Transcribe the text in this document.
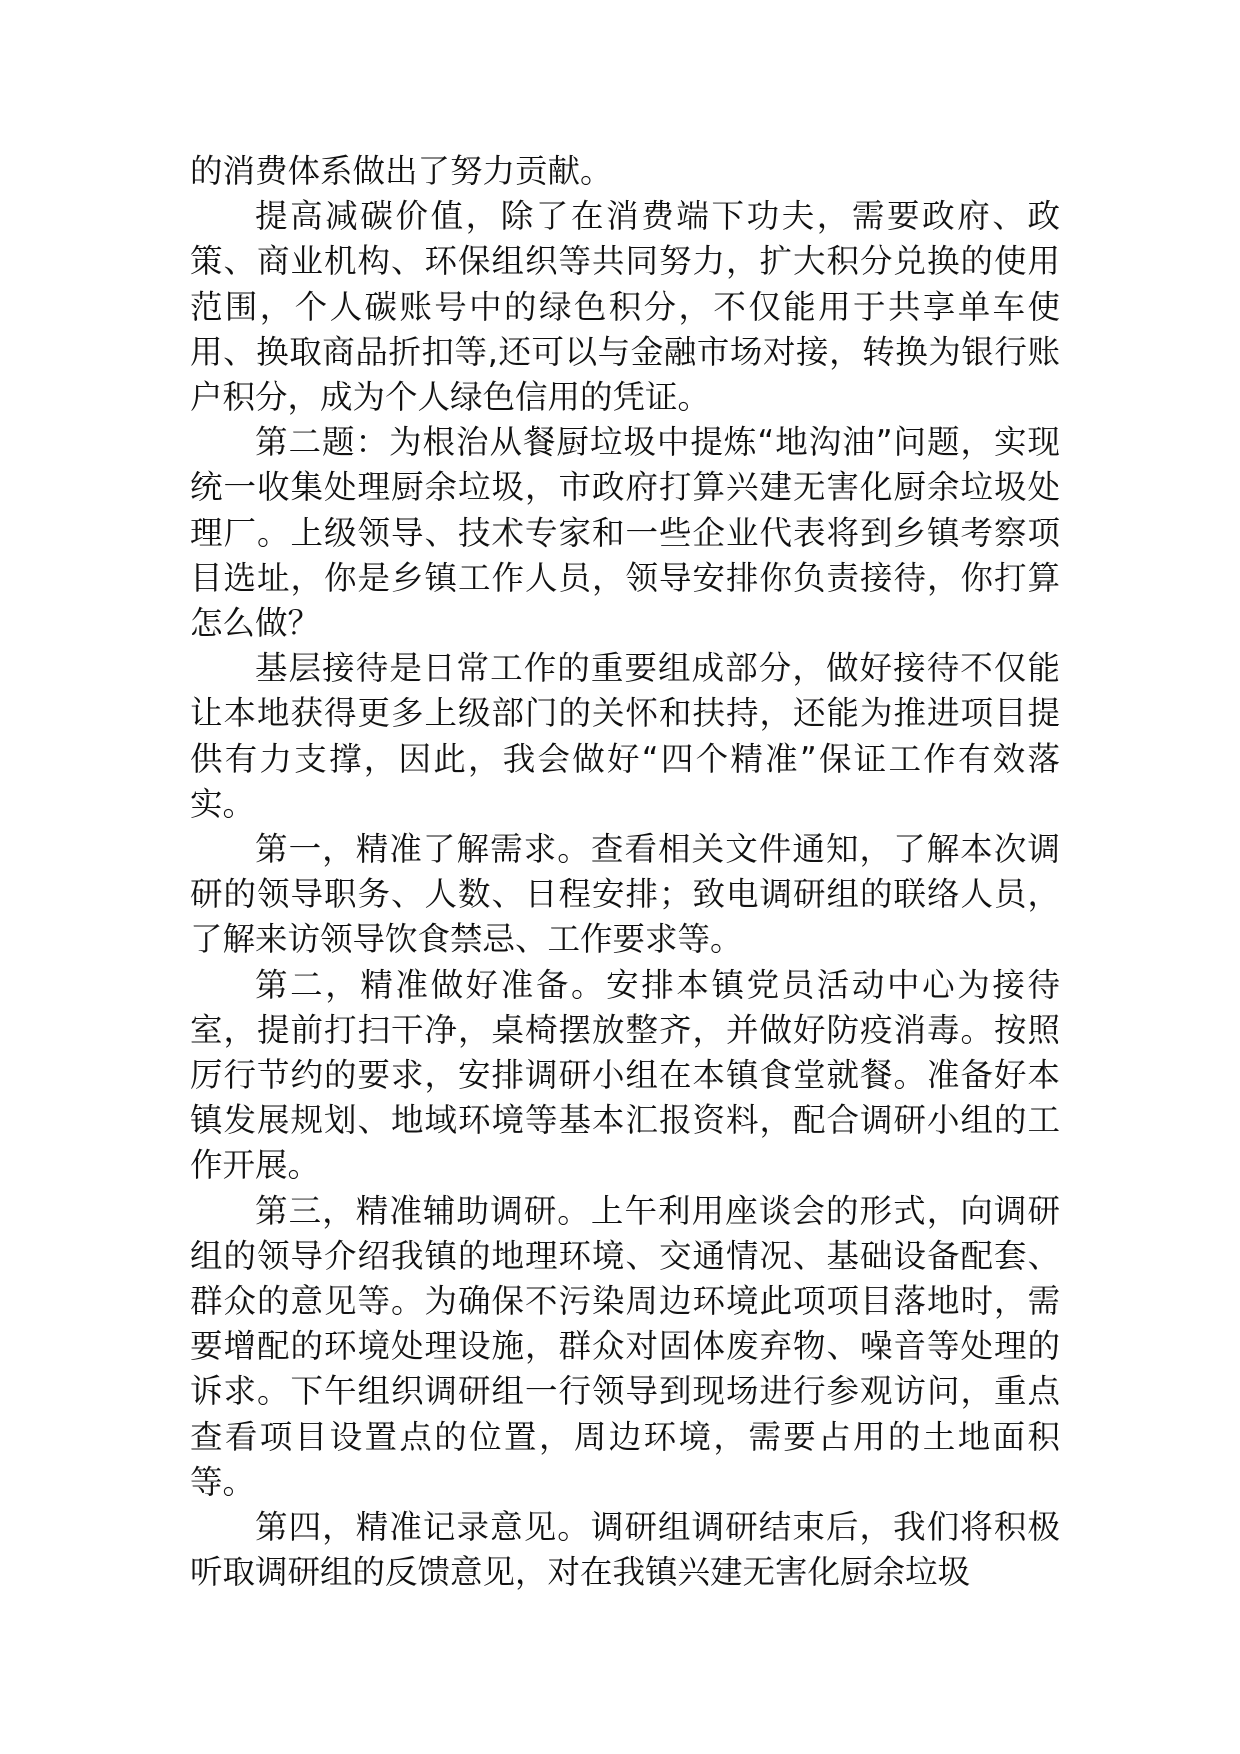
的消费体系做出了努力贡献。

提高减碳价值，除了在消费端下功夫，需要政府、政策、商业机构、环保组织等共同努力，扩大积分兑换的使用范围，个人碳账号中的绿色积分，不仅能用于共享单车使用、换取商品折扣等,还可以与金融市场对接，转换为银行账户积分，成为个人绿色信用的凭证。

第二题：为根治从餐厨垃圾中提炼“地沟油”问题，实现统一收集处理厨余垃圾，市政府打算兴建无害化厨余垃圾处理厂。上级领导、技术专家和一些企业代表将到乡镇考察项目选址，你是乡镇工作人员，领导安排你负责接待，你打算怎么做？

基层接待是日常工作的重要组成部分，做好接待不仅能让本地获得更多上级部门的关怀和扶持，还能为推进项目提供有力支撑，因此，我会做好“四个精准”保证工作有效落实。

第一，精准了解需求。查看相关文件通知，了解本次调研的领导职务、人数、日程安排；致电调研组的联络人员，了解来访领导饮食禁忌、工作要求等。

第二，精准做好准备。安排本镇党员活动中心为接待室，提前打扫干净，桌椅摆放整齐，并做好防疫消毒。按照厉行节约的要求，安排调研小组在本镇食堂就餐。准备好本镇发展规划、地域环境等基本汇报资料，配合调研小组的工作开展。

第三，精准辅助调研。上午利用座谈会的形式，向调研组的领导介绍我镇的地理环境、交通情况、基础设备配套、群众的意见等。为确保不污染周边环境此项项目落地时，需要增配的环境处理设施，群众对固体废弃物、噪音等处理的诉求。下午组织调研组一行领导到现场进行参观访问，重点查看项目设置点的位置，周边环境，需要占用的土地面积等。

第四，精准记录意见。调研组调研结束后，我们将积极听取调研组的反馈意见，对在我镇兴建无害化厨余垃圾
